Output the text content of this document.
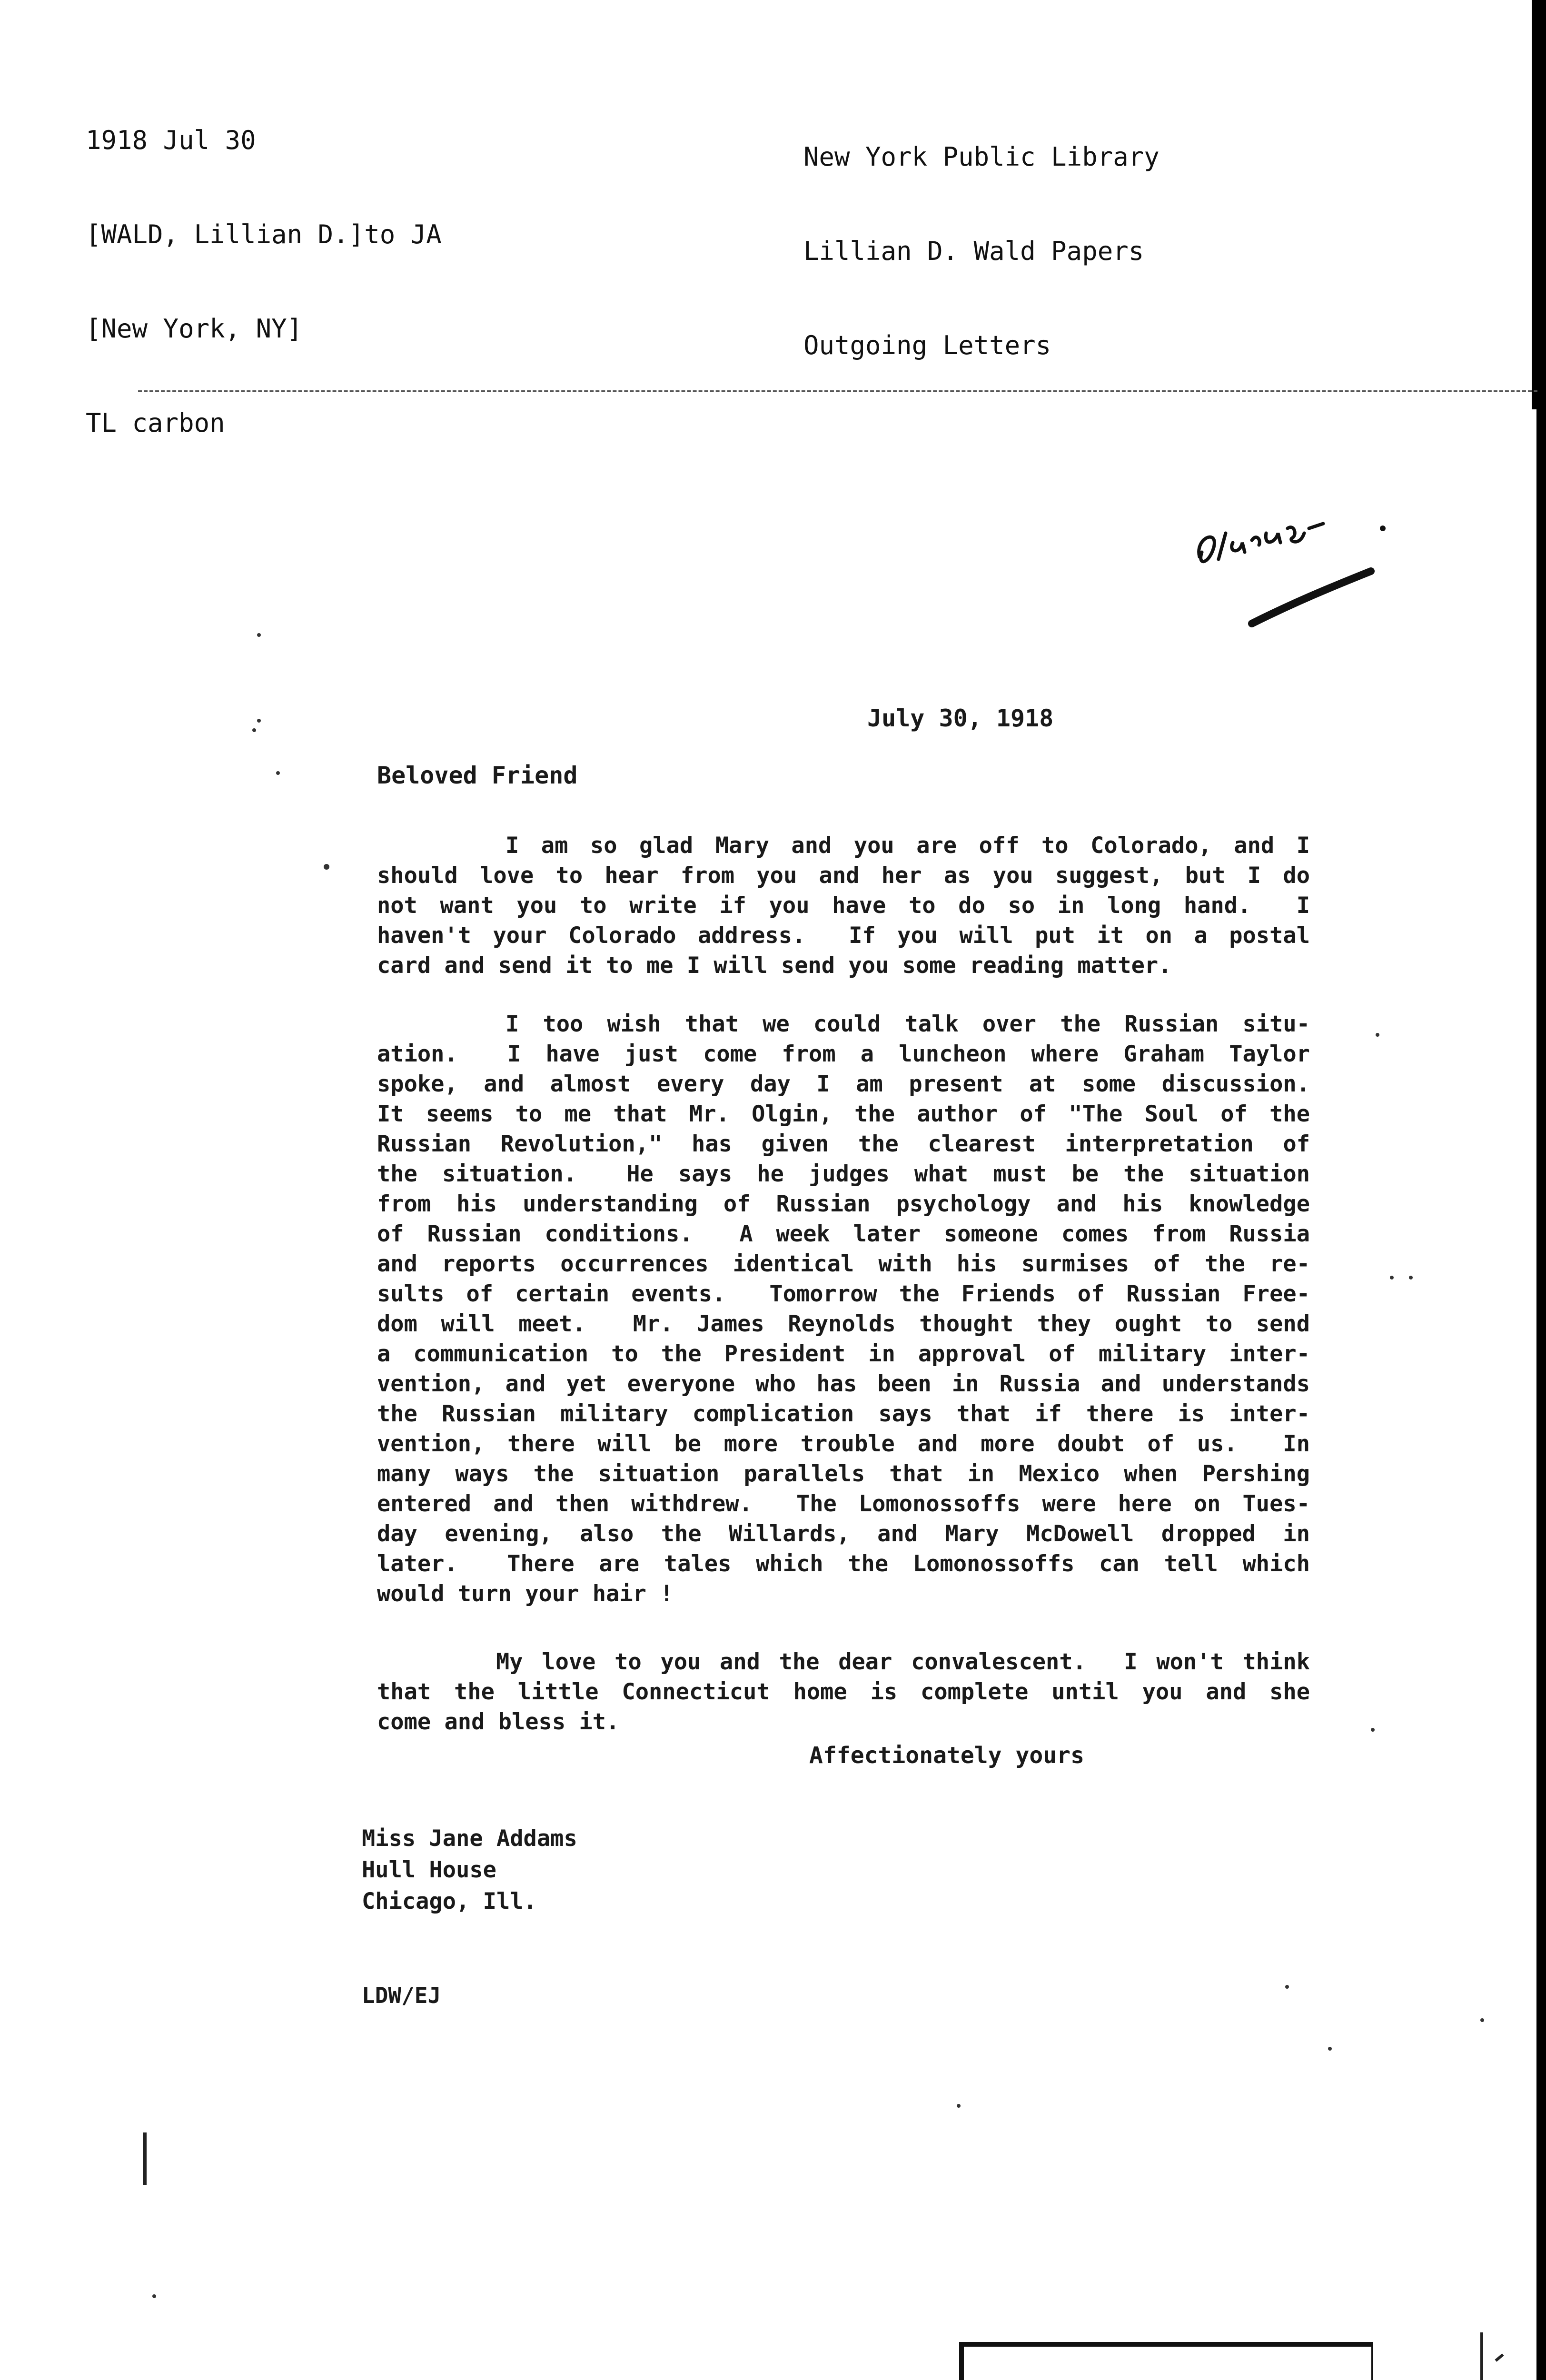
1918 Jul 30

[WALD, Lillian D.]to JA

[New York, NY]

TL carbon

New York Public Library

Lillian D. Wald Papers

Outgoing Letters

July 30, 1918
Beloved Friend
I am so glad Mary and you are off to Colorado, and I
should love to hear from you and her as you suggest, but I do
not want you to write if you have to do so in long hand.  I
haven't your Colorado address.  If you will put it on a postal
card and send it to me I will send you some reading matter.
I too wish that we could talk over the Russian situ-
ation.  I have just come from a luncheon where Graham Taylor
spoke, and almost every day I am present at some discussion.
It seems to me that Mr. Olgin, the author of "The Soul of the
Russian Revolution," has given the clearest interpretation of
the situation.  He says he judges what must be the situation
from his understanding of Russian psychology and his knowledge
of Russian conditions.  A week later someone comes from Russia
and reports occurrences identical with his surmises of the re-
sults of certain events.  Tomorrow the Friends of Russian Free-
dom will meet.  Mr. James Reynolds thought they ought to send
a communication to the President in approval of military inter-
vention, and yet everyone who has been in Russia and understands
the Russian military complication says that if there is inter-
vention, there will be more trouble and more doubt of us.  In
many ways the situation parallels that in Mexico when Pershing
entered and then withdrew.  The Lomonossoffs were here on Tues-
day evening, also the Willards, and Mary McDowell dropped in
later.  There are tales which the Lomonossoffs can tell which
would turn your hair !
My love to you and the dear convalescent.  I won't think
that the little Connecticut home is complete until you and she
come and bless it.
Affectionately yours
Miss Jane Addams
Hull House
Chicago, Ill.
LDW/EJ
